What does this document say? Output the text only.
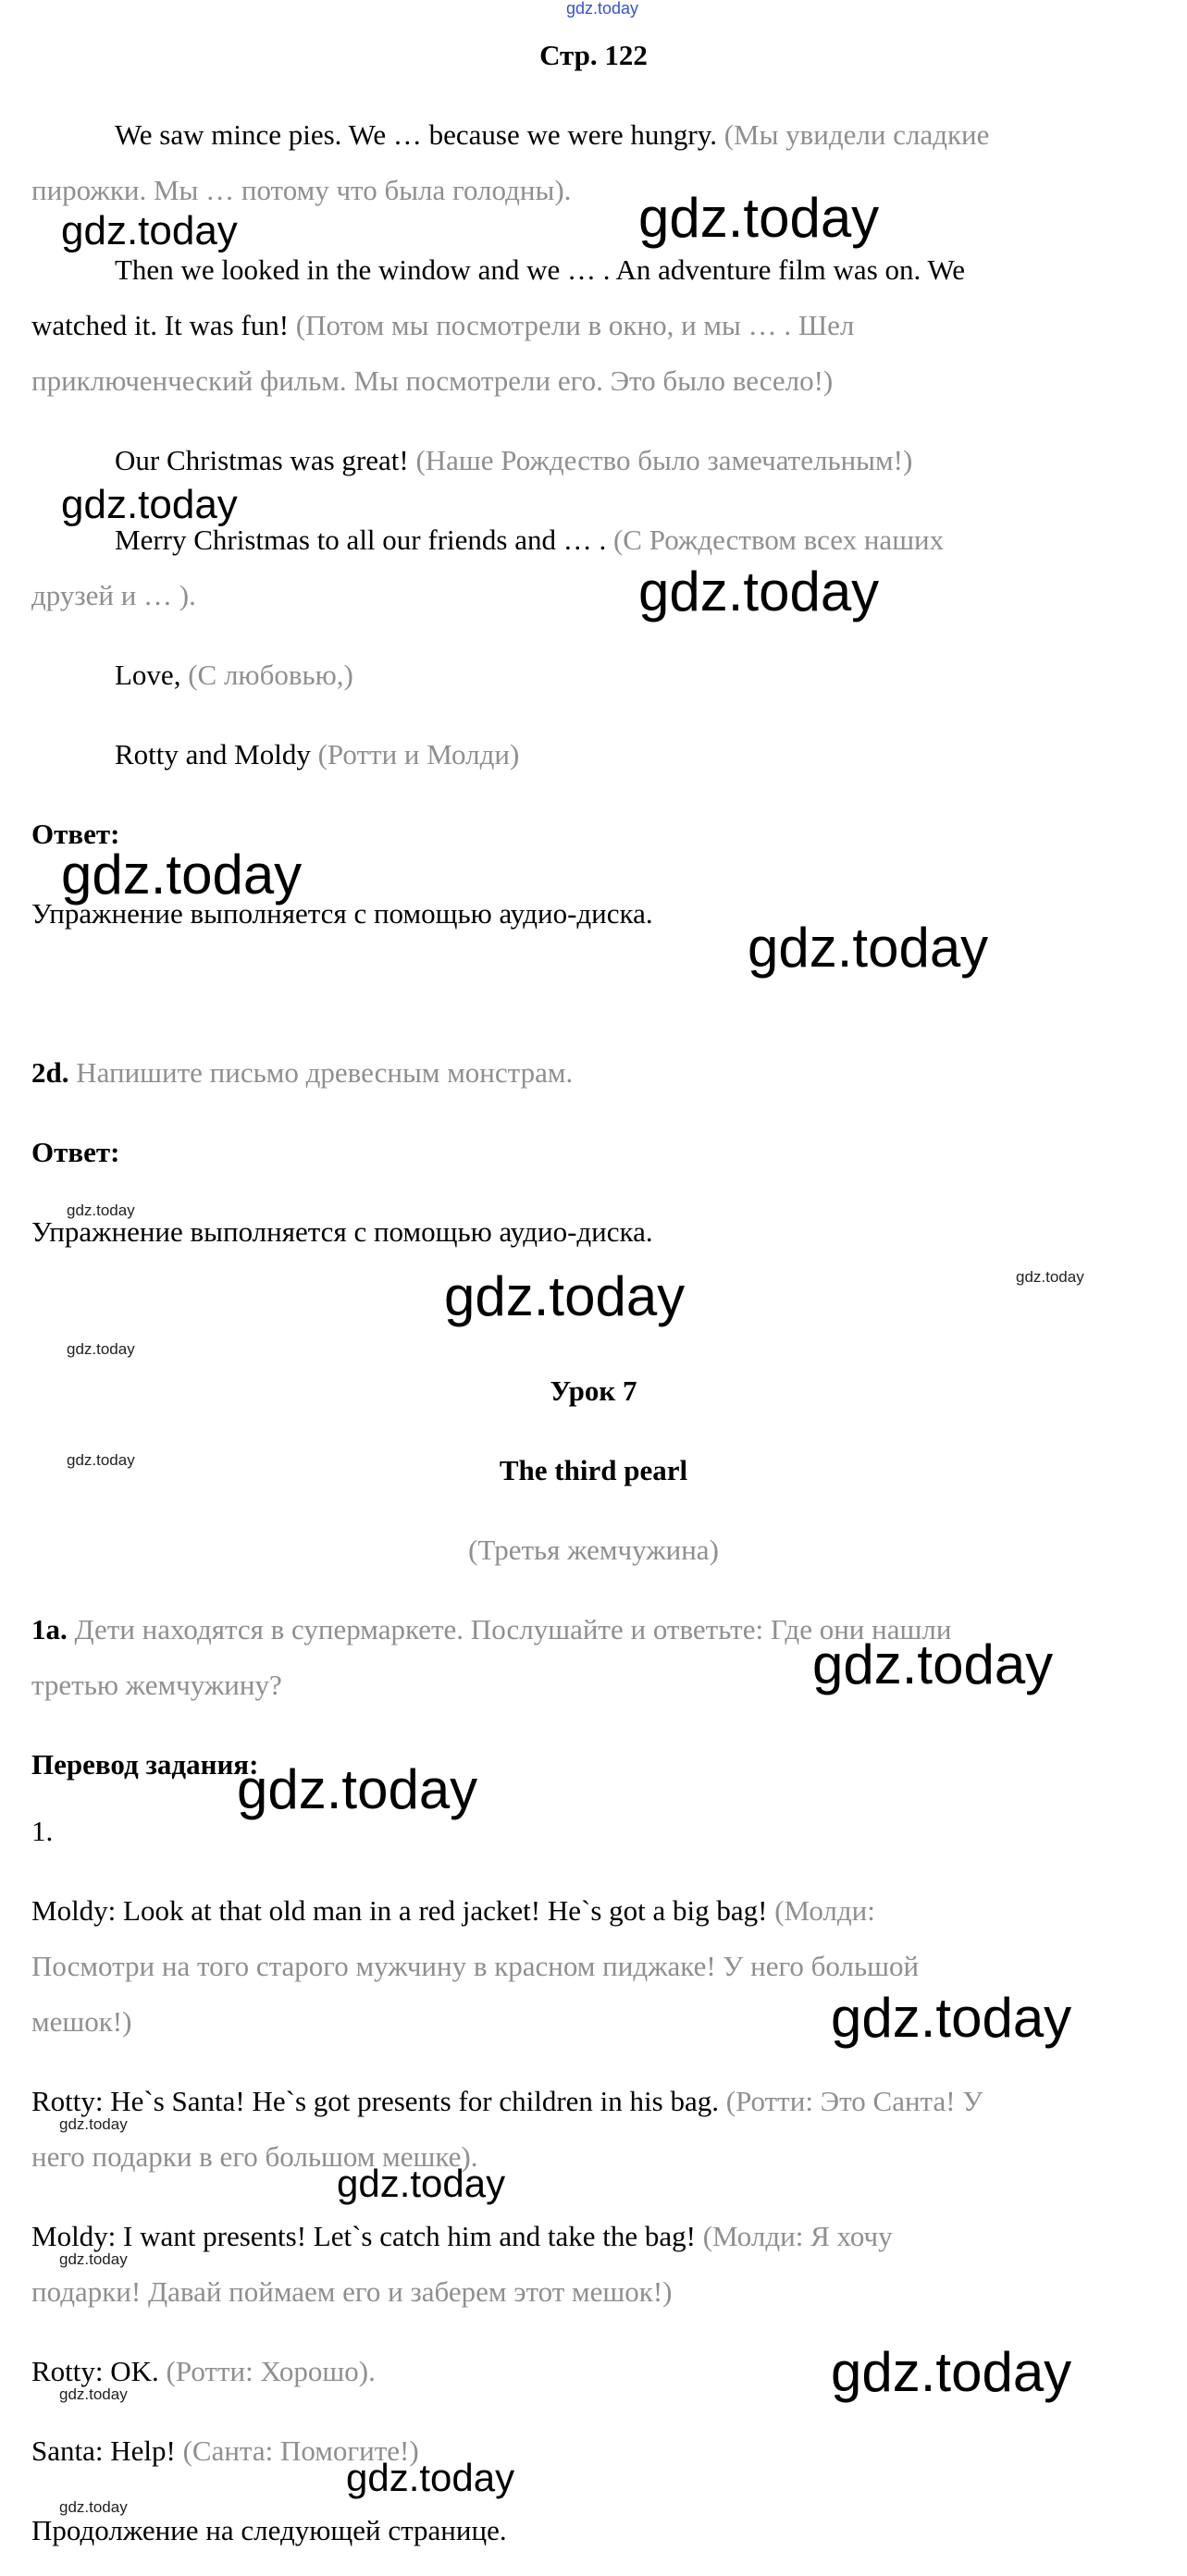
gdz.today

Стр. 122

We saw mince pies. We … because we were hungry. (Мы увидели сладкие

пирожки. Мы … потому что была голодны).

Then we looked in the window and we … . An adventure film was on. We

watched it. It was fun! (Потом мы посмотрели в окно, и мы … . Шел

приключенческий фильм. Мы посмотрели его. Это было весело!)

Our Christmas was great! (Наше Рождество было замечательным!)

Merry Christmas to all our friends and … . (С Рождеством всех наших

друзей и … ).

Love, (С любовью,)

Rotty and Moldy (Ротти и Молди)

Ответ:

Упражнение выполняется с помощью аудио-диска.

2d. Напишите письмо древесным монстрам.

Ответ:

Упражнение выполняется с помощью аудио-диска.

Урок 7

The third pearl

(Третья жемчужина)

1a. Дети находятся в супермаркете. Послушайте и ответьте: Где они нашли

третью жемчужину?

Перевод задания:

1.

Moldy: Look at that old man in a red jacket! He`s got a big bag! (Молди:

Посмотри на того старого мужчину в красном пиджаке! У него большой

мешок!)

Rotty: He`s Santa! He`s got presents for children in his bag. (Ротти: Это Санта! У

него подарки в его большом мешке).

Moldy: I want presents! Let`s catch him and take the bag! (Молди: Я хочу

подарки! Давай поймаем его и заберем этот мешок!)

Rotty: OK. (Ротти: Хорошо).

Santa: Help! (Санта: Помогите!)

Продолжение на следующей странице.

gdz.today	gdz.today
gdz.today
gdz.today
gdz.today
gdz.today
gdz.today
gdz.today
gdz.today
gdz.today
gdz.today
gdz.today
gdz.today
gdz.today
gdz.today
gdz.today
gdz.today
gdz.today
gdz.today
gdz.today
gdz.today
